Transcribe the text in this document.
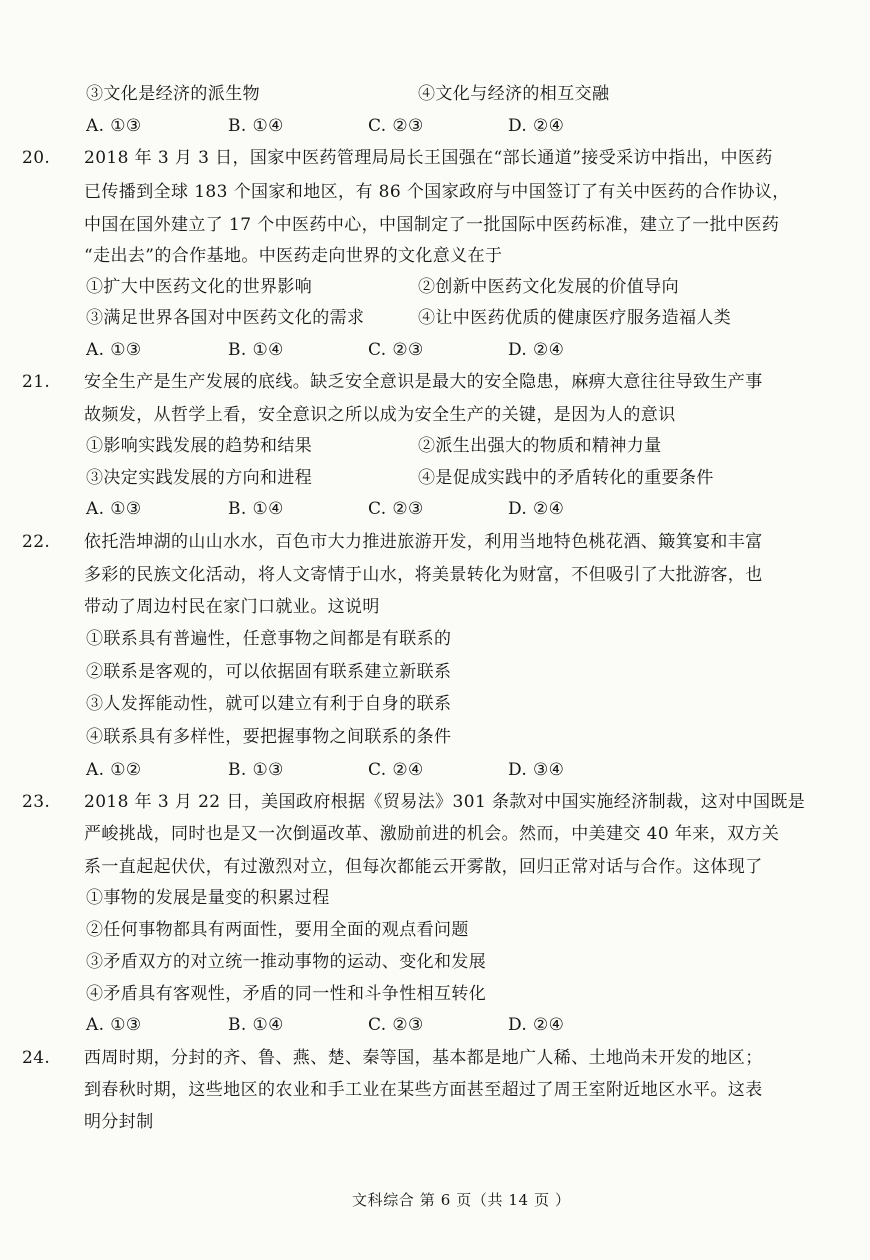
③文化是经济的派生物	④文化与经济的相互交融
A. ①③	B. ①④	C. ②③	D. ②④
20. 2018 年 3 月 3 日，国家中医药管理局局长王国强在“部长通道”接受采访中指出，中医药
已传播到全球 183 个国家和地区，有 86 个国家政府与中国签订了有关中医药的合作协议，
中国在国外建立了 17 个中医药中心，中国制定了一批国际中医药标准，建立了一批中医药
“走出去”的合作基地。中医药走向世界的文化意义在于
①扩大中医药文化的世界影响	②创新中医药文化发展的价值导向
③满足世界各国对中医药文化的需求	④让中医药优质的健康医疗服务造福人类
A. ①③	B. ①④	C. ②③	D. ②④
21. 安全生产是生产发展的底线。缺乏安全意识是最大的安全隐患，麻痹大意往往导致生产事
故频发，从哲学上看，安全意识之所以成为安全生产的关键，是因为人的意识
①影响实践发展的趋势和结果	②派生出强大的物质和精神力量
③决定实践发展的方向和进程	④是促成实践中的矛盾转化的重要条件
A. ①③	B. ①④	C. ②③	D. ②④
22. 依托浩坤湖的山山水水，百色市大力推进旅游开发，利用当地特色桃花酒、簸箕宴和丰富
多彩的民族文化活动，将人文寄情于山水，将美景转化为财富，不但吸引了大批游客，也
带动了周边村民在家门口就业。这说明
①联系具有普遍性，任意事物之间都是有联系的
②联系是客观的，可以依据固有联系建立新联系
③人发挥能动性，就可以建立有利于自身的联系
④联系具有多样性，要把握事物之间联系的条件
A. ①②	B. ①③	C. ②④	D. ③④
23. 2018 年 3 月 22 日，美国政府根据《贸易法》301 条款对中国实施经济制裁，这对中国既是
严峻挑战，同时也是又一次倒逼改革、激励前进的机会。然而，中美建交 40 年来，双方关
系一直起起伏伏，有过激烈对立，但每次都能云开雾散，回归正常对话与合作。这体现了
①事物的发展是量变的积累过程
②任何事物都具有两面性，要用全面的观点看问题
③矛盾双方的对立统一推动事物的运动、变化和发展
④矛盾具有客观性，矛盾的同一性和斗争性相互转化
A. ①③	B. ①④	C. ②③	D. ②④
24. 西周时期，分封的齐、鲁、燕、楚、秦等国，基本都是地广人稀、土地尚未开发的地区；
到春秋时期，这些地区的农业和手工业在某些方面甚至超过了周王室附近地区水平。这表
明分封制
文科综合 第 6 页（共 14 页 ）
